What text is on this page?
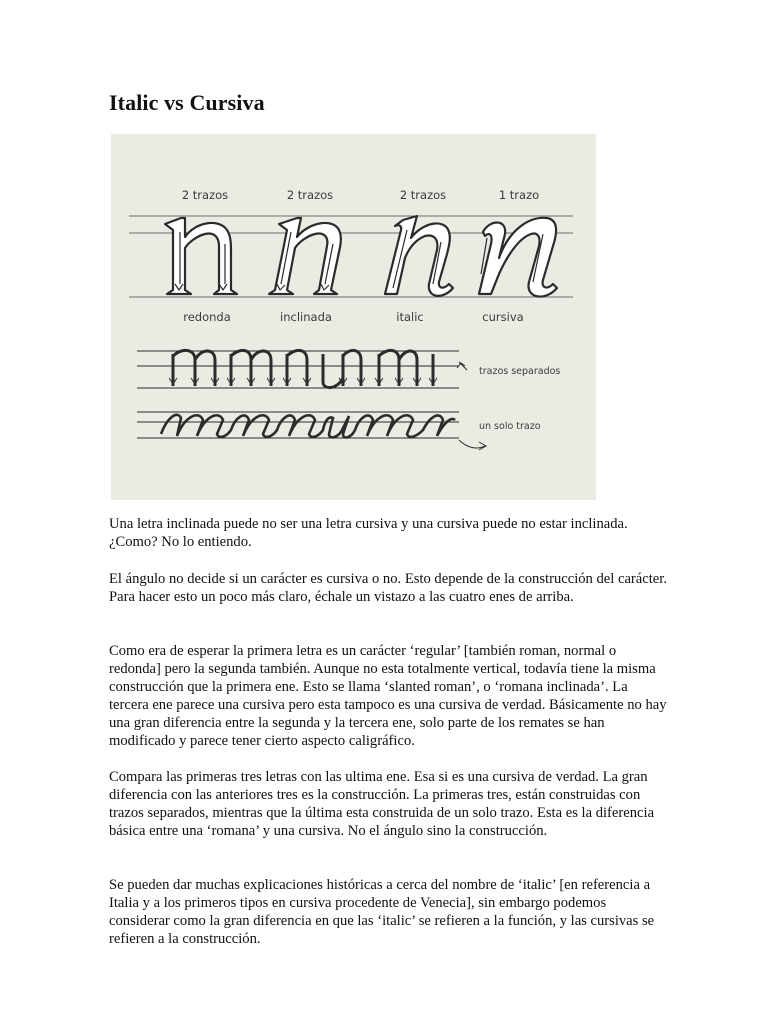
Italic vs Cursiva
2 trazos	2 trazos	2 trazos	1 trazo
redonda	inclinada	italic	cursiva
trazos separados
un solo trazo

Una letra inclinada puede no ser una letra cursiva y una cursiva puede no estar inclinada. ¿Como? No lo entiendo.

El ángulo no decide si un carácter es cursiva o no. Esto depende de la construcción del carácter. Para hacer esto un poco más claro, échale un vistazo a las cuatro enes de arriba.

Como era de esperar la primera letra es un carácter ‘regular’ [también roman, normal o redonda] pero la segunda también. Aunque no esta totalmente vertical, todavía tiene la misma construcción que la primera ene. Esto se llama ‘slanted roman’, o ‘romana inclinada’. La tercera ene parece una cursiva pero esta tampoco es una cursiva de verdad. Básicamente no hay una gran diferencia entre la segunda y la tercera ene, solo parte de los remates se han modificado y parece tener cierto aspecto caligráfico.

Compara las primeras tres letras con las ultima ene. Esa si es una cursiva de verdad. La gran diferencia con las anteriores tres es la construcción. La primeras tres, están construidas con trazos separados, mientras que la última esta construida de un solo trazo. Esta es la diferencia básica entre una ‘romana’ y una cursiva. No el ángulo sino la construcción.

Se pueden dar muchas explicaciones históricas a cerca del nombre de ‘italic’ [en referencia a Italia y a los primeros tipos en cursiva procedente de Venecia], sin embargo podemos considerar como la gran diferencia en que las ‘italic’ se refieren a la función, y las cursivas se refieren a la construcción.
